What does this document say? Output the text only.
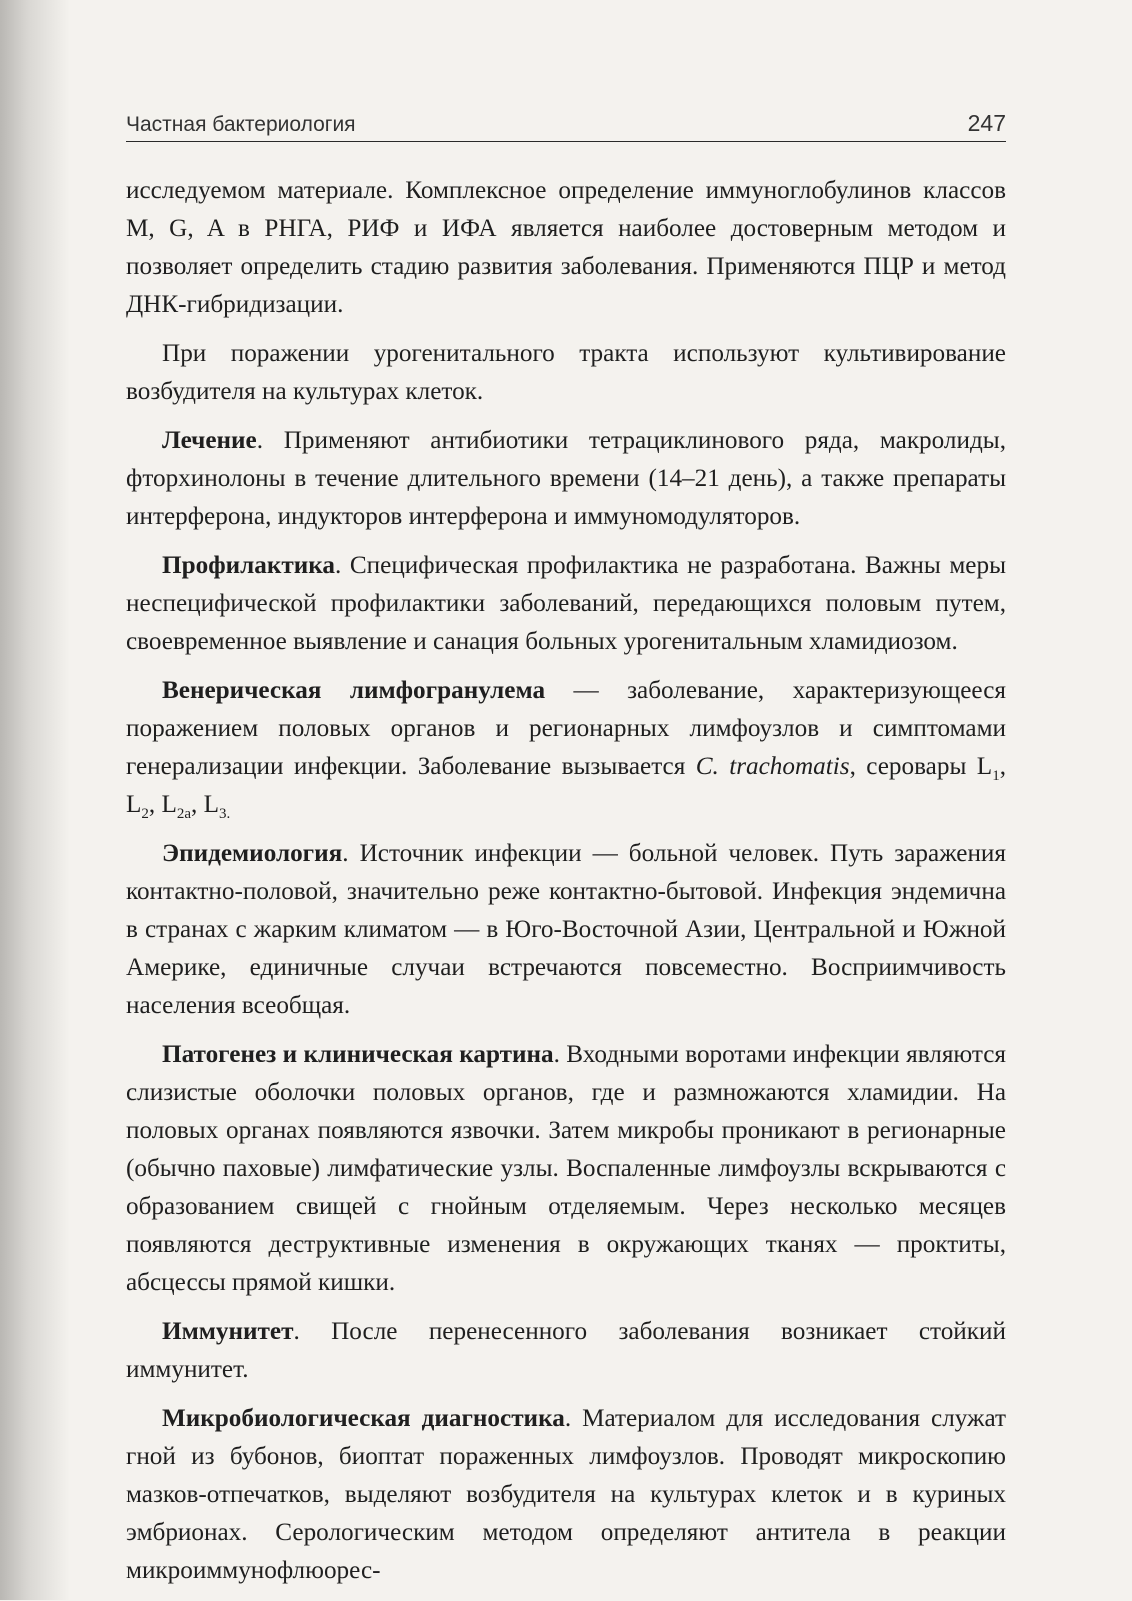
Частная бактериология	247

исследуемом материале. Комплексное определение иммуноглобулинов классов M, G, A в РНГА, РИФ и ИФА является наиболее достоверным методом и позволяет определить стадию развития заболевания. Применяются ПЦР и метод ДНК-гибридизации.

При поражении урогенитального тракта используют культивирование возбудителя на культурах клеток.

Лечение. Применяют антибиотики тетрациклинового ряда, макролиды, фторхинолоны в течение длительного времени (14–21 день), а также препараты интерферона, индукторов интерферона и иммуномодуляторов.

Профилактика. Специфическая профилактика не разработана. Важны меры неспецифической профилактики заболеваний, передающихся половым путем, своевременное выявление и санация больных урогенитальным хламидиозом.

Венерическая лимфогранулема — заболевание, характеризующееся поражением половых органов и регионарных лимфоузлов и симптомами генерализации инфекции. Заболевание вызывается C. trachomatis, серовары $L_1$, $L_2$, $L_{2a}$, $L_{3.}$

Эпидемиология. Источник инфекции — больной человек. Путь заражения контактно-половой, значительно реже контактно-бытовой. Инфекция эндемична в странах с жарким климатом — в Юго-Восточной Азии, Центральной и Южной Америке, единичные случаи встречаются повсеместно. Восприимчивость населения всеобщая.

Патогенез и клиническая картина. Входными воротами инфекции являются слизистые оболочки половых органов, где и размножаются хламидии. На половых органах появляются язвочки. Затем микробы проникают в регионарные (обычно паховые) лимфатические узлы. Воспаленные лимфоузлы вскрываются с образованием свищей с гнойным отделяемым. Через несколько месяцев появляются деструктивные изменения в окружающих тканях — проктиты, абсцессы прямой кишки.

Иммунитет. После перенесенного заболевания возникает стойкий иммунитет.

Микробиологическая диагностика. Материалом для исследования служат гной из бубонов, биоптат пораженных лимфоузлов. Проводят микроскопию мазков-отпечатков, выделяют возбудителя на культурах клеток и в куриных эмбрионах. Серологическим методом определяют антитела в реакции микроиммунофлюорес-
